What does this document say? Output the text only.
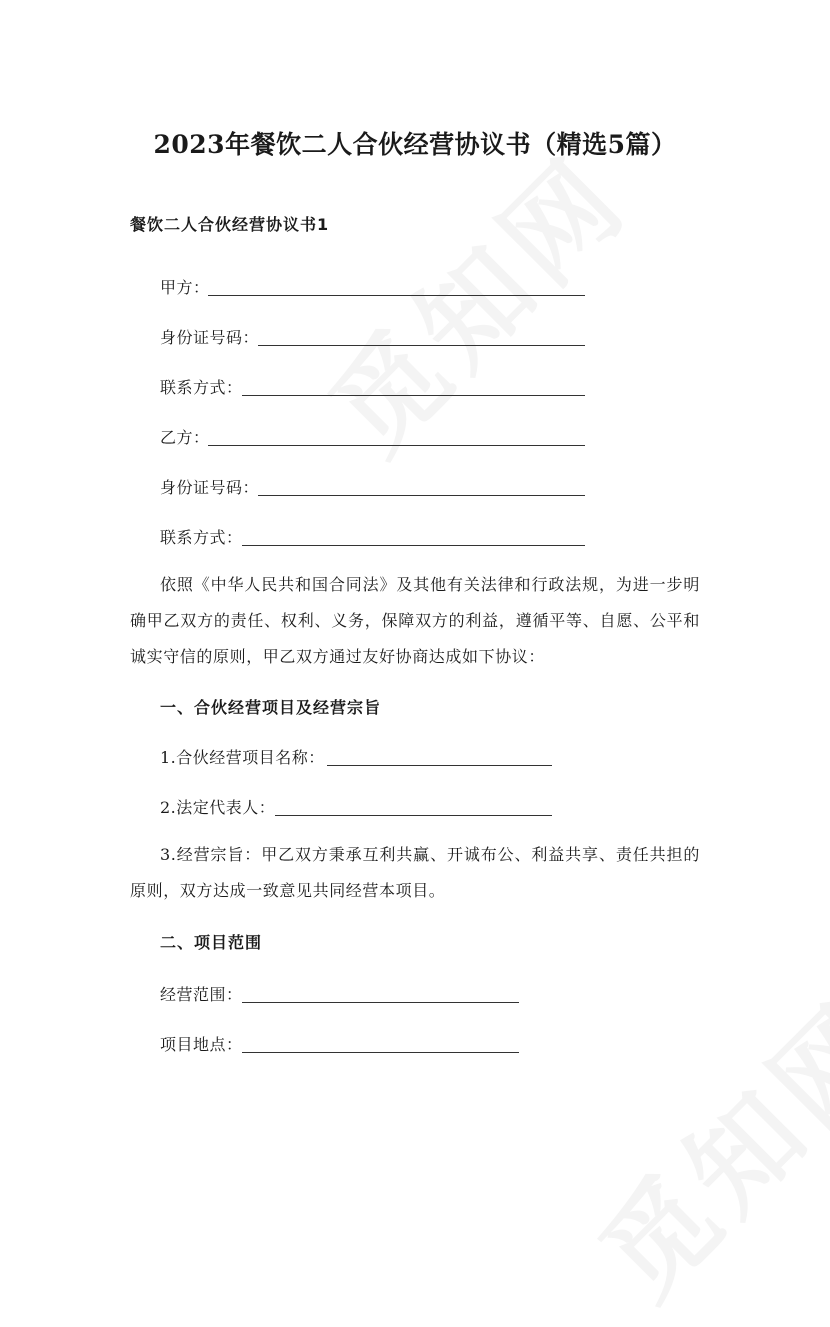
2023年餐饮二人合伙经营协议书（精选5篇）
餐饮二人合伙经营协议书1
甲方：
身份证号码：
联系方式：
乙方：
身份证号码：
联系方式：
依照《中华人民共和国合同法》及其他有关法律和行政法规，为进一步明确甲乙双方的责任、权利、义务，保障双方的利益，遵循平等、自愿、公平和诚实守信的原则，甲乙双方通过友好协商达成如下协议：
一、合伙经营项目及经营宗旨
1.合伙经营项目名称：
2.法定代表人：
3.经营宗旨：甲乙双方秉承互利共赢、开诚布公、利益共享、责任共担的原则，双方达成一致意见共同经营本项目。
二、项目范围
经营范围：
项目地点：
